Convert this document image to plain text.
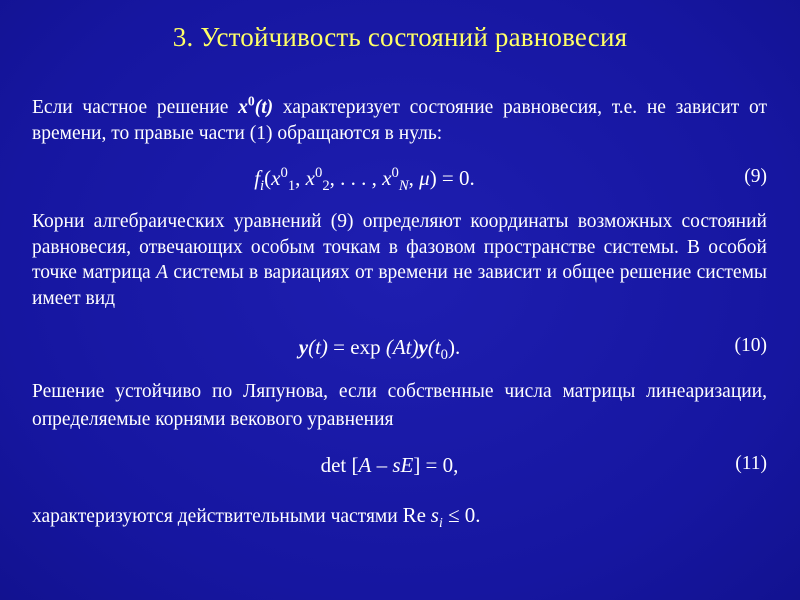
3. Устойчивость состояний равновесия
Если частное решение $x^0(t)$ характеризует состояние равновесия, т.е. не зависит от времени, то правые части (1) обращаются в нуль:
$f_i(x^0_1$, $x^0_2$, . . . , $x^0_N$, μ) = 0.	(9)
Корни алгебраических уравнений (9) определяют координаты возможных состояний равновесия, отвечающих особым точкам в фазовом пространстве системы. В особой точке матрица A системы в вариациях от времени не зависит и общее решение системы имеет вид
$y(t) = \exp (At)y(t_0)$.	(10)
Решение устойчиво по Ляпунова, если собственные числа матрицы линеаризации, определяемые корнями векового уравнения
det [A – sE] = 0,	(11)
характеризуются действительными частями Re $s_i \le 0$.
